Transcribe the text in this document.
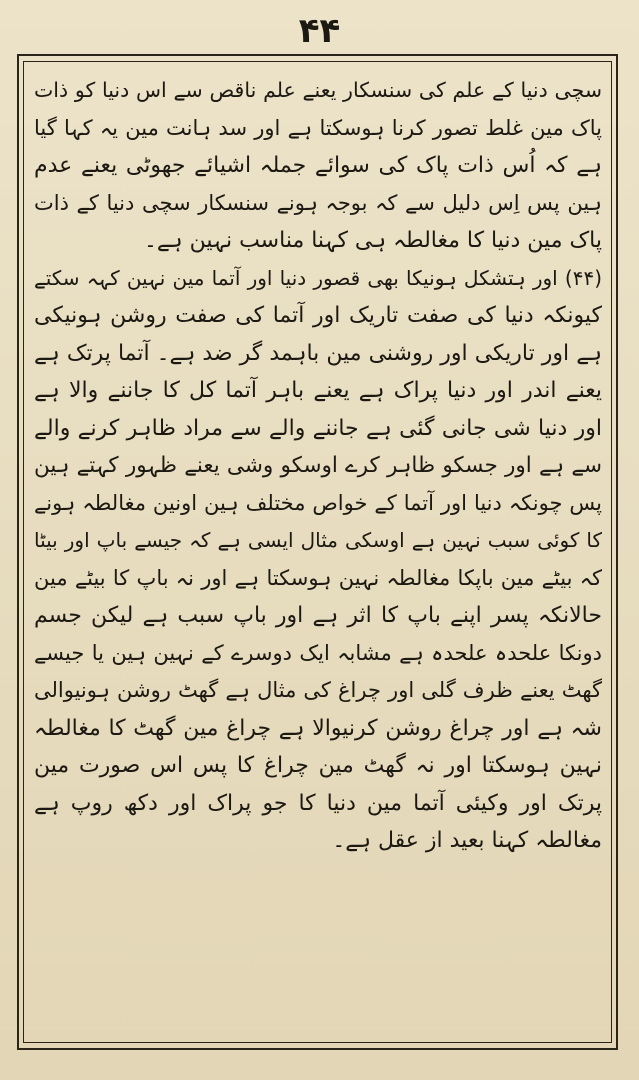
۴۴
سچی دنیا کے علم کی سنسکار یعنے علم ناقص سے اس دنیا کو ذات
پاک مین غلط تصور کرنا ہوسکتا ہے اور سد ہانت مین یہ کہا گیا
ہے کہ اُس ذات پاک کی سوائے جملہ اشیائے جھوٹی یعنے عدم
ہین پس اِس دلیل سے کہ بوجہ ہونے سنسکار سچی دنیا کے ذات
پاک مین دنیا کا مغالطہ ہی کہنا مناسب نہین ہے۔
(۴۴) اور ہتشکل ہونیکا بھی قصور دنیا اور آتما مین نہین کہہ سکتے
کیونکہ دنیا کی صفت تاریک اور آتما کی صفت روشن ہونیکی
ہے اور تاریکی اور روشنی مین باہمد گر ضد ہے۔ آتما پرتک ہے
یعنے اندر اور دنیا پراک ہے یعنے باہر آتما کل کا جاننے والا ہے
اور دنیا شی جانی گئی ہے جاننے والے سے مراد ظاہر کرنے والے
سے ہے اور جسکو ظاہر کرے اوسکو وشی یعنے ظہور کہتے ہین
پس چونکہ دنیا اور آتما کے خواص مختلف ہین اونین مغالطہ ہونے
کا کوئی سبب نہین ہے اوسکی مثال ایسی ہے کہ جیسے باپ اور بیٹا
کہ بیٹے مین باپکا مغالطہ نہین ہوسکتا ہے اور نہ باپ کا بیٹے مین
حالانکہ پسر اپنے باپ کا اثر ہے اور باپ سبب ہے لیکن جسم
دونکا علحدہ علحدہ ہے مشابہ ایک دوسرے کے نہین ہین یا جیسے
گھٹ یعنے ظرف گلی اور چراغ کی مثال ہے گھٹ روشن ہونیوالی
شہ ہے اور چراغ روشن کرنیوالا ہے چراغ مین گھٹ کا مغالطہ
نہین ہوسکتا اور نہ گھٹ مین چراغ کا پس اس صورت مین
پرتک اور وکیئی آتما مین دنیا کا جو پراک اور دکھ روپ ہے
مغالطہ کہنا بعید از عقل ہے۔
